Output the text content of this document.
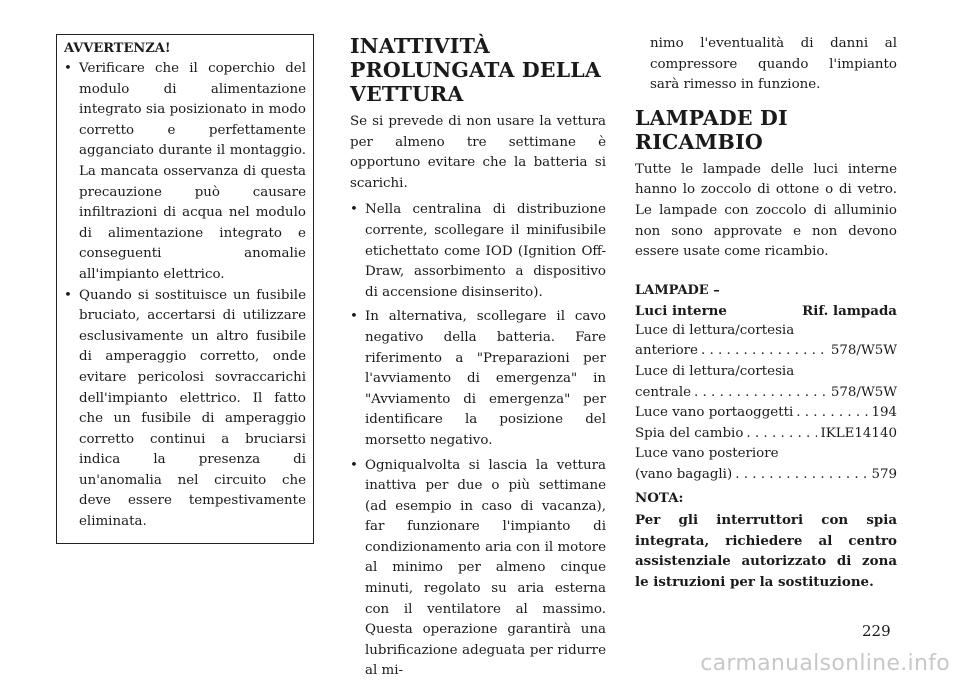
AVVERTENZA!
• Verificare che il coperchio del modulo di alimentazione integrato sia posizionato in modo corretto e perfettamente agganciato durante il montaggio. La mancata osservanza di questa precauzione può causare infiltrazioni di acqua nel modulo di alimentazione integrato e conseguenti anomalie all'impianto elettrico.
• Quando si sostituisce un fusibile bruciato, accertarsi di utilizzare esclusivamente un altro fusibile di amperaggio corretto, onde evitare pericolosi sovraccarichi dell'impianto elettrico. Il fatto che un fusibile di amperaggio corretto continui a bruciarsi indica la presenza di un'anomalia nel circuito che deve essere tempestivamente eliminata.
INATTIVITÀ PROLUNGATA DELLA VETTURA

Se si prevede di non usare la vettura per almeno tre settimane è opportuno evitare che la batteria si scarichi.

• Nella centralina di distribuzione corrente, scollegare il minifusibile etichettato come IOD (Ignition Off-Draw, assorbimento a dispositivo di accensione disinserito).
• In alternativa, scollegare il cavo negativo della batteria. Fare riferimento a "Preparazioni per l'avviamento di emergenza" in "Avviamento di emergenza" per identificare la posizione del morsetto negativo.
• Ogniqualvolta si lascia la vettura inattiva per due o più settimane (ad esempio in caso di vacanza), far funzionare l'impianto di condizionamento aria con il motore al minimo per almeno cinque minuti, regolato su aria esterna con il ventilatore al massimo. Questa operazione garantirà una lubrificazione adeguata per ridurre al mi-

nimo l'eventualità di danni al compressore quando l'impianto sarà rimesso in funzione.

LAMPADE DI RICAMBIO

Tutte le lampade delle luci interne hanno lo zoccolo di ottone o di vetro. Le lampade con zoccolo di alluminio non sono approvate e non devono essere usate come ricambio.

LAMPADE –
Luci interne	Rif. lampada
Luce di lettura/cortesia
anteriore . . .	578/W5W
Luce di lettura/cortesia
centrale . . .	578/W5W
Luce vano portaoggetti . . .	194
Spia del cambio . . .	IKLE14140
Luce vano posteriore
(vano bagagli) . . .	579
NOTA:
Per gli interruttori con spia integrata, richiedere al centro assistenziale autorizzato di zona le istruzioni per la sostituzione.
229
carmanualsonline.info
